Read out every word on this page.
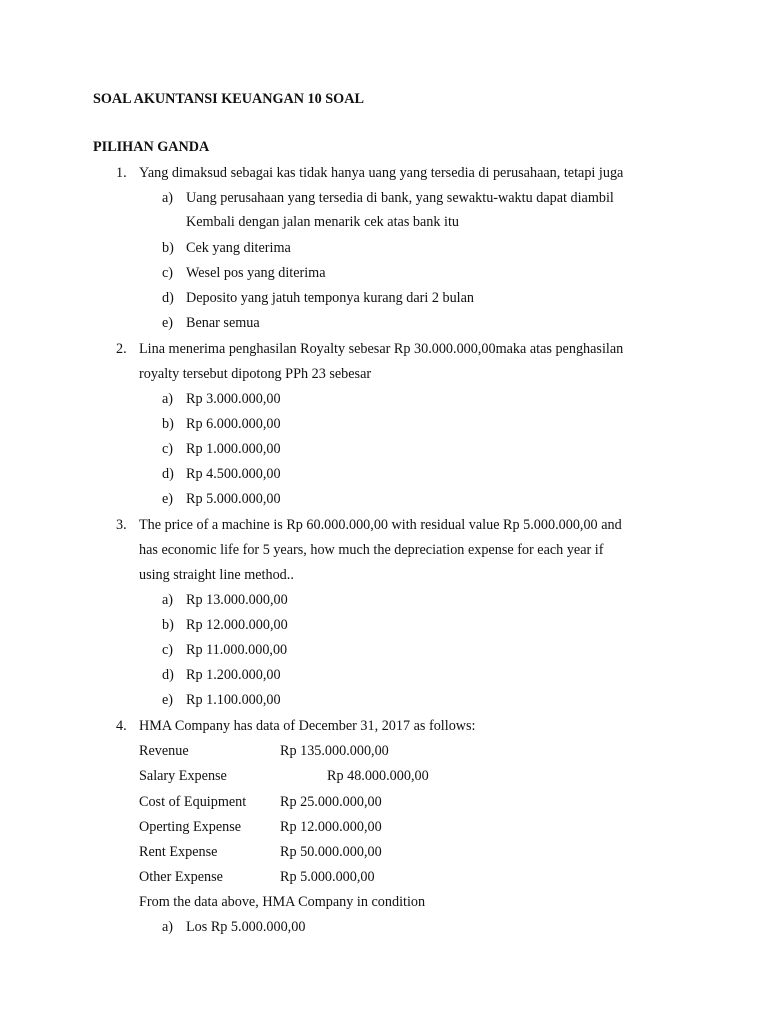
SOAL AKUNTANSI KEUANGAN 10 SOAL
PILIHAN GANDA
1. Yang dimaksud sebagai kas tidak hanya uang yang tersedia di perusahaan, tetapi juga
a) Uang perusahaan yang tersedia di bank, yang sewaktu-waktu dapat diambil
Kembali dengan jalan menarik cek atas bank itu
b) Cek yang diterima
c) Wesel pos yang diterima
d) Deposito yang jatuh temponya kurang dari 2 bulan
e) Benar semua
2. Lina menerima penghasilan Royalty sebesar Rp 30.000.000,00maka atas penghasilan
royalty tersebut dipotong PPh 23 sebesar
a) Rp 3.000.000,00
b) Rp 6.000.000,00
c) Rp 1.000.000,00
d) Rp 4.500.000,00
e) Rp 5.000.000,00
3. The price of a machine is Rp 60.000.000,00 with residual value Rp 5.000.000,00 and
has economic life for 5 years, how much the depreciation expense for each year if
using straight line method..
a) Rp 13.000.000,00
b) Rp 12.000.000,00
c) Rp 11.000.000,00
d) Rp 1.200.000,00
e) Rp 1.100.000,00
4. HMA Company has data of December 31, 2017 as follows:
Revenue	Rp 135.000.000,00
Salary Expense	Rp 48.000.000,00
Cost of Equipment Rp 25.000.000,00
Operting Expense	Rp 12.000.000,00
Rent Expense	Rp 50.000.000,00
Other Expense	Rp 5.000.000,00
From the data above, HMA Company in condition
a) Los Rp 5.000.000,00
